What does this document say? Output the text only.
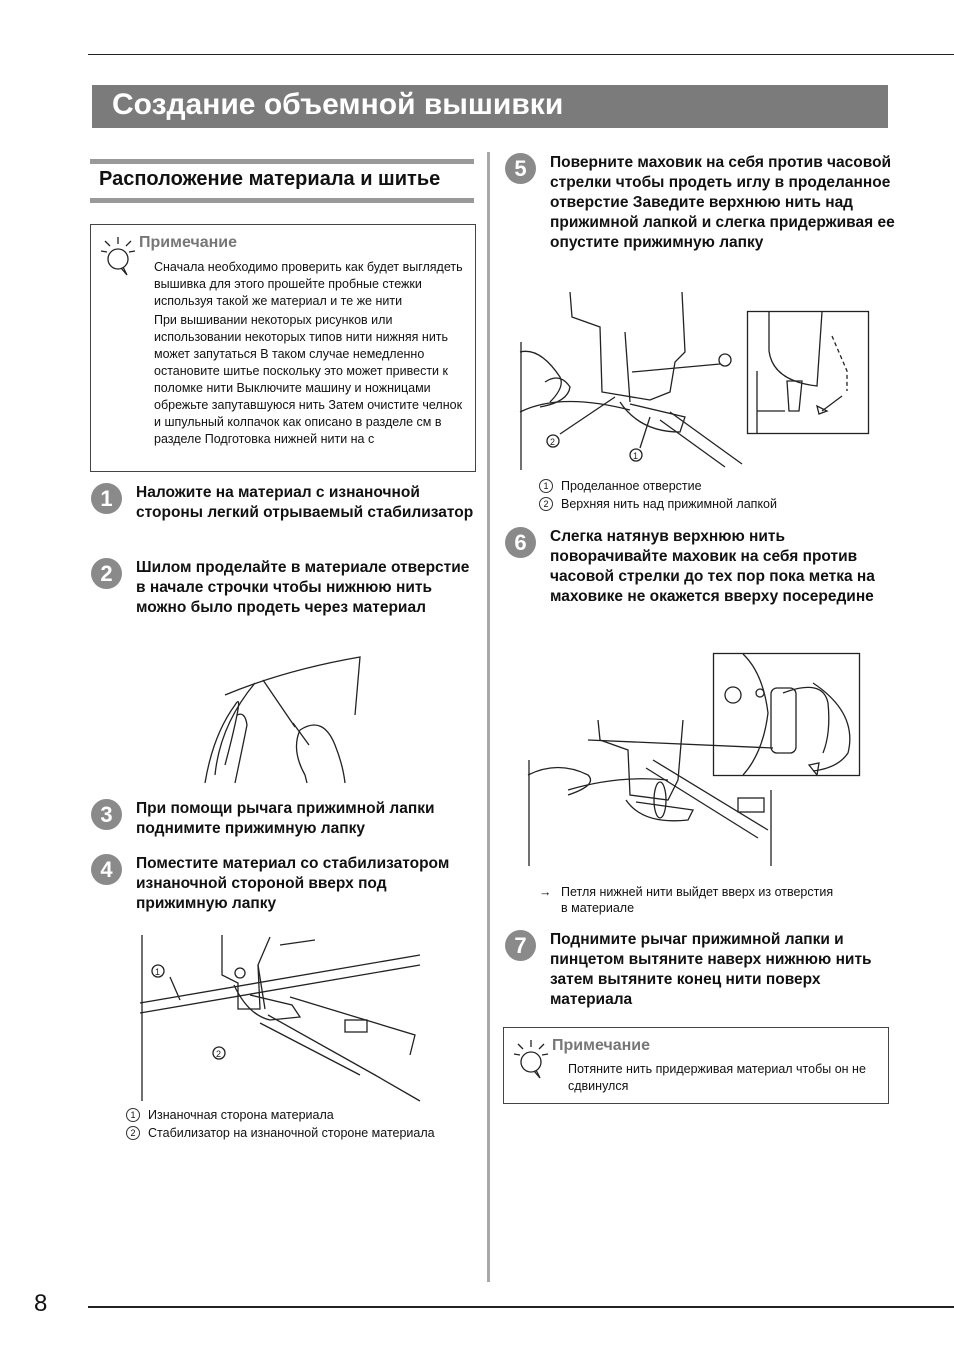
Создание объемной вышивки
Расположение материала и шитье
Примечание

Сначала необходимо проверить как будет выглядеть вышивка для этого прошейте пробные стежки используя такой же материал и те же нити

При вышивании некоторых рисунков или использовании некоторых типов нити нижняя нить может запутаться В таком случае немедленно остановите шитье поскольку это может привести к поломке нити Выключите машину и ножницами обрежьте запутавшуюся нить Затем очистите челнок и шпульный колпачок как описано в разделе см в разделе Подготовка нижней нити на с

1	Наложите на материал с изнаночной стороны легкий отрываемый стабилизатор
2	Шилом проделайте в материале отверстие в начале строчки чтобы нижнюю нить можно было продеть через материал
3	При помощи рычага прижимной лапки поднимите прижимную лапку
4	Поместите материал со стабилизатором изнаночной стороной вверх под прижимную лапку
1
2
1 Изнаночная сторона материала
2 Стабилизатор на изнаночной стороне материала
5	Поверните маховик на себя против часовой стрелки чтобы продеть иглу в проделанное отверстие Заведите верхнюю нить над прижимной лапкой и слегка придерживая ее опустите прижимную лапку
2
1
1 Проделанное отверстие
2 Верхняя нить над прижимной лапкой
6	Слегка натянув верхнюю нить поворачивайте маховик на себя против часовой стрелки до тех пор пока метка на маховике не окажется вверху посередине
→ Петля нижней нити выйдет вверх из отверстия
в материале
7	Поднимите рычаг прижимной лапки и пинцетом вытяните наверх нижнюю нить затем вытяните конец нити поверх материала
Примечание
Потяните нить придерживая материал чтобы он не сдвинулся
8
